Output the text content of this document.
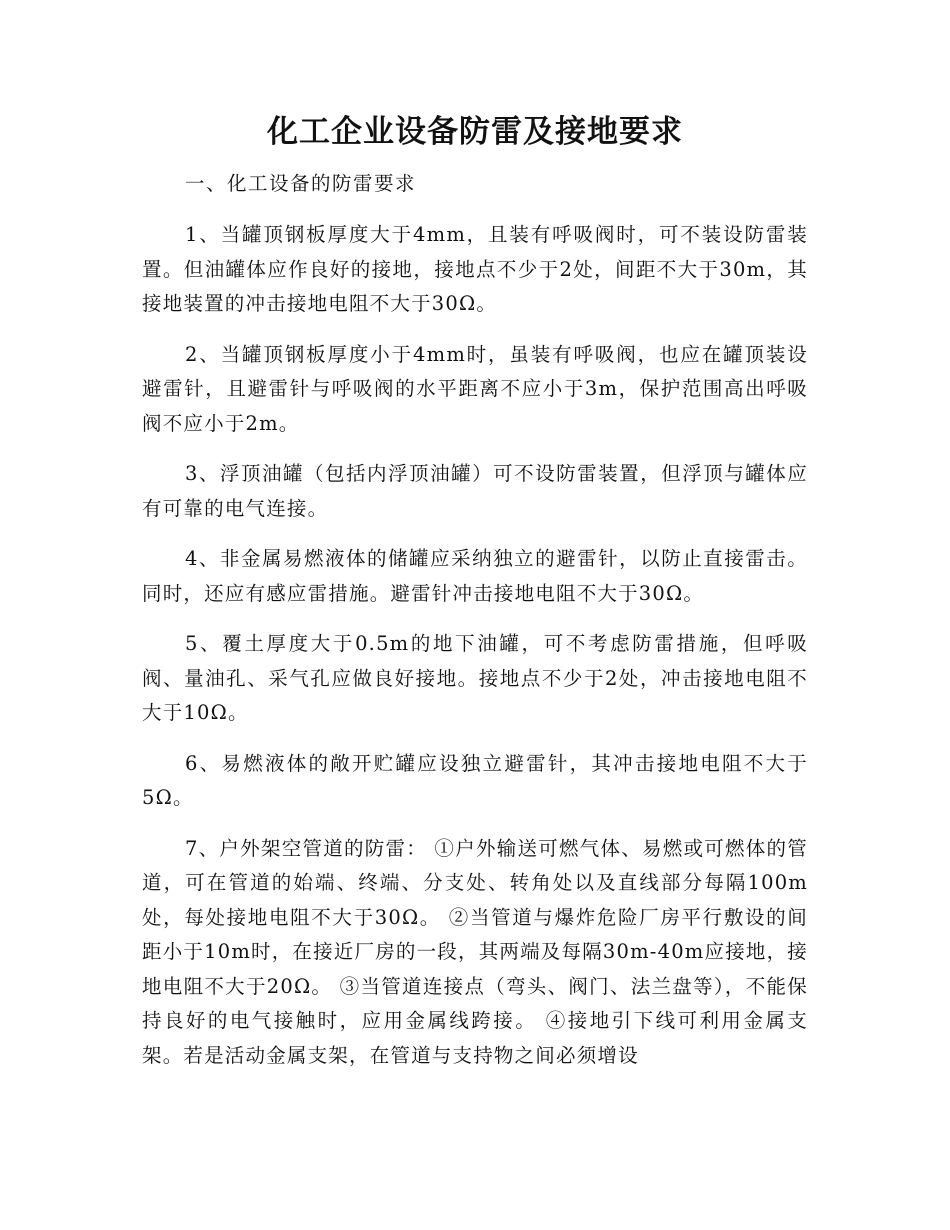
化工企业设备防雷及接地要求
一、化工设备的防雷要求

1、当罐顶钢板厚度大于4mm，且装有呼吸阀时，可不装设防雷装置。但油罐体应作良好的接地，接地点不少于2处，间距不大于30m，其接地装置的冲击接地电阻不大于30Ω。

2、当罐顶钢板厚度小于4mm时，虽装有呼吸阀，也应在罐顶装设避雷针，且避雷针与呼吸阀的水平距离不应小于3m，保护范围高出呼吸阀不应小于2m。

3、浮顶油罐（包括内浮顶油罐）可不设防雷装置，但浮顶与罐体应有可靠的电气连接。

4、非金属易燃液体的储罐应采纳独立的避雷针，以防止直接雷击。同时，还应有感应雷措施。避雷针冲击接地电阻不大于30Ω。

5、覆土厚度大于0.5m的地下油罐，可不考虑防雷措施，但呼吸阀、量油孔、采气孔应做良好接地。接地点不少于2处，冲击接地电阻不大于10Ω。

6、易燃液体的敞开贮罐应设独立避雷针，其冲击接地电阻不大于5Ω。

7、户外架空管道的防雷： ①户外输送可燃气体、易燃或可燃体的管道，可在管道的始端、终端、分支处、转角处以及直线部分每隔100m处，每处接地电阻不大于30Ω。 ②当管道与爆炸危险厂房平行敷设的间距小于10m时，在接近厂房的一段，其两端及每隔30m-40m应接地，接地电阻不大于20Ω。 ③当管道连接点（弯头、阀门、法兰盘等），不能保持良好的电气接触时，应用金属线跨接。 ④接地引下线可利用金属支架。若是活动金属支架，在管道与支持物之间必须增设
